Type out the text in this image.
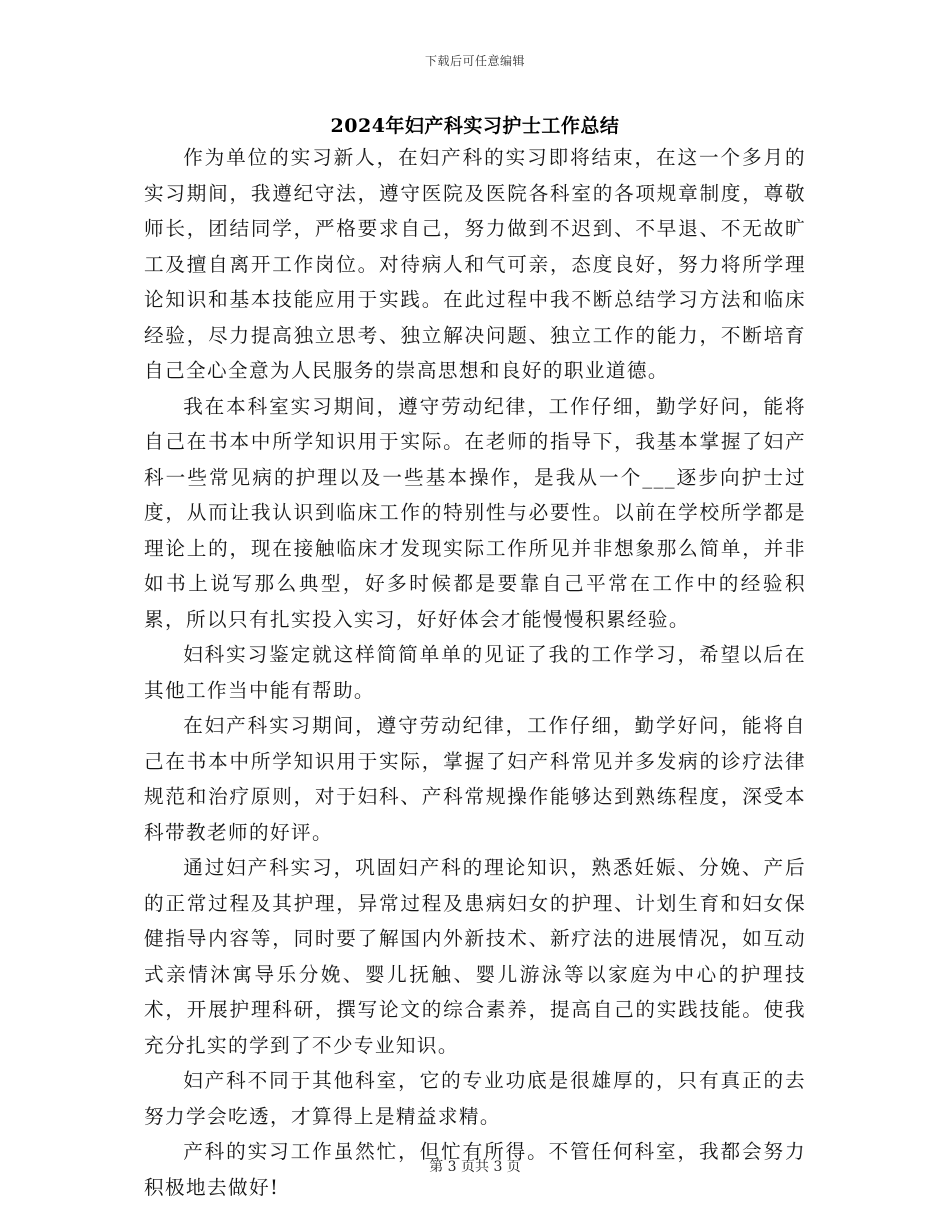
下载后可任意编辑
2024年妇产科实习护士工作总结

作为单位的实习新人，在妇产科的实习即将结束，在这一个多月的实习期间，我遵纪守法，遵守医院及医院各科室的各项规章制度，尊敬师长，团结同学，严格要求自己，努力做到不迟到、不早退、不无故旷工及擅自离开工作岗位。对待病人和气可亲，态度良好，努力将所学理论知识和基本技能应用于实践。在此过程中我不断总结学习方法和临床经验，尽力提高独立思考、独立解决问题、独立工作的能力，不断培育自己全心全意为人民服务的崇高思想和良好的职业道德。

我在本科室实习期间，遵守劳动纪律，工作仔细，勤学好问，能将自己在书本中所学知识用于实际。在老师的指导下，我基本掌握了妇产科一些常见病的护理以及一些基本操作，是我从一个___逐步向护士过度，从而让我认识到临床工作的特别性与必要性。以前在学校所学都是理论上的，现在接触临床才发现实际工作所见并非想象那么简单，并非如书上说写那么典型，好多时候都是要靠自己平常在工作中的经验积累，所以只有扎实投入实习，好好体会才能慢慢积累经验。

妇科实习鉴定就这样简简单单的见证了我的工作学习，希望以后在其他工作当中能有帮助。

在妇产科实习期间，遵守劳动纪律，工作仔细，勤学好问，能将自己在书本中所学知识用于实际，掌握了妇产科常见并多发病的诊疗法律规范和治疗原则，对于妇科、产科常规操作能够达到熟练程度，深受本科带教老师的好评。

通过妇产科实习，巩固妇产科的理论知识，熟悉妊娠、分娩、产后的正常过程及其护理，异常过程及患病妇女的护理、计划生育和妇女保健指导内容等，同时要了解国内外新技术、新疗法的进展情况，如互动式亲情沐寓导乐分娩、婴儿抚触、婴儿游泳等以家庭为中心的护理技术，开展护理科研，撰写论文的综合素养，提高自己的实践技能。使我充分扎实的学到了不少专业知识。

妇产科不同于其他科室，它的专业功底是很雄厚的，只有真正的去努力学会吃透，才算得上是精益求精。

产科的实习工作虽然忙，但忙有所得。不管任何科室，我都会努力积极地去做好!

第 3 页共 3 页
